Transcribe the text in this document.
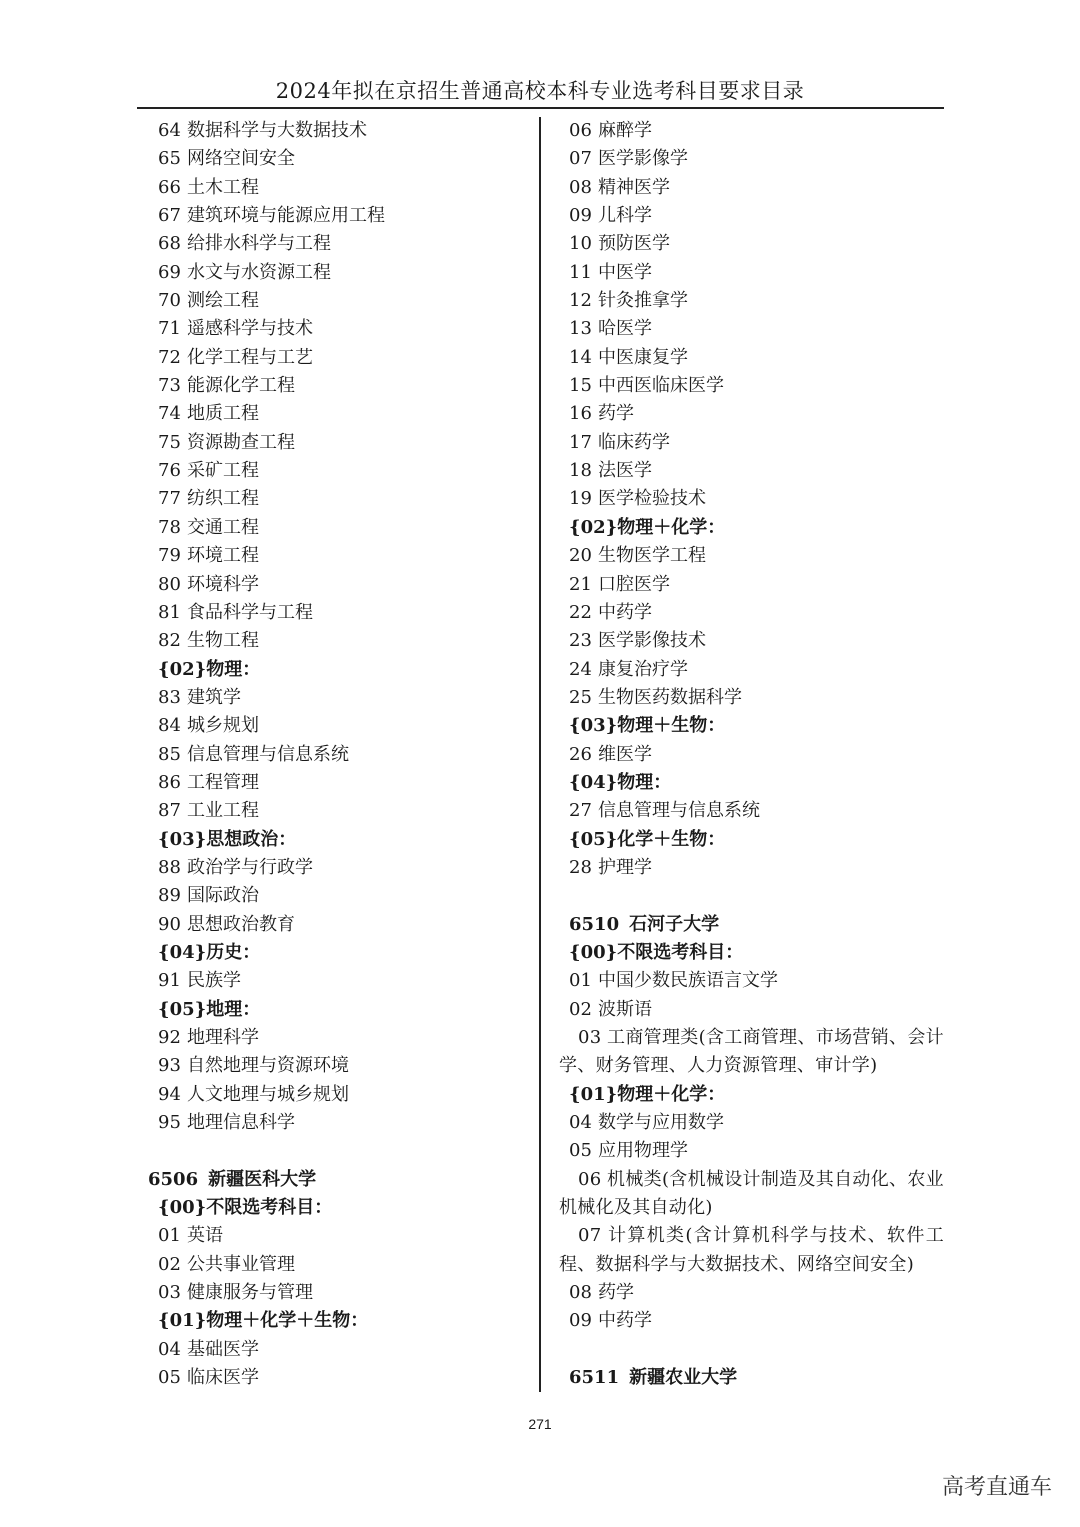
2024年拟在京招生普通高校本科专业选考科目要求目录
64 数据科学与大数据技术
65 网络空间安全
66 土木工程
67 建筑环境与能源应用工程
68 给排水科学与工程
69 水文与水资源工程
70 测绘工程
71 遥感科学与技术
72 化学工程与工艺
73 能源化学工程
74 地质工程
75 资源勘查工程
76 采矿工程
77 纺织工程
78 交通工程
79 环境工程
80 环境科学
81 食品科学与工程
82 生物工程
{02}物理：
83 建筑学
84 城乡规划
85 信息管理与信息系统
86 工程管理
87 工业工程
{03}思想政治：
88 政治学与行政学
89 国际政治
90 思想政治教育
{04}历史：
91 民族学
{05}地理：
92 地理科学
93 自然地理与资源环境
94 人文地理与城乡规划
95 地理信息科学
6506 新疆医科大学
{00}不限选考科目：
01 英语
02 公共事业管理
03 健康服务与管理
{01}物理＋化学＋生物：
04 基础医学
05 临床医学
06 麻醉学
07 医学影像学
08 精神医学
09 儿科学
10 预防医学
11 中医学
12 针灸推拿学
13 哈医学
14 中医康复学
15 中西医临床医学
16 药学
17 临床药学
18 法医学
19 医学检验技术
{02}物理＋化学：
20 生物医学工程
21 口腔医学
22 中药学
23 医学影像技术
24 康复治疗学
25 生物医药数据科学
{03}物理＋生物：
26 维医学
{04}物理：
27 信息管理与信息系统
{05}化学＋生物：
28 护理学
6510 石河子大学
{00}不限选考科目：
01 中国少数民族语言文学
02 波斯语
03 工商管理类(含工商管理、市场营销、会计学、财务管理、人力资源管理、审计学)
{01}物理＋化学：
04 数学与应用数学
05 应用物理学
06 机械类(含机械设计制造及其自动化、农业机械化及其自动化)
07 计算机类(含计算机科学与技术、软件工程、数据科学与大数据技术、网络空间安全)
08 药学
09 中药学
6511 新疆农业大学
271
高考直通车
